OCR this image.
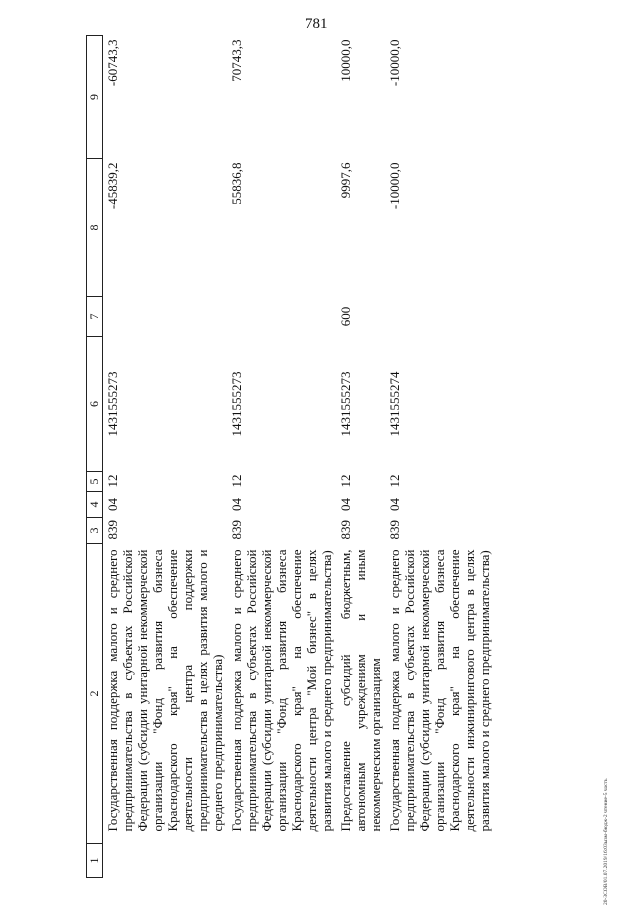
781
1	2	3	4	5	6	7	8	9
	Государственная поддержка малого и среднего предпринимательства в субъектах Российской Федерации (субсидии унитарной некоммерческой организации "Фонд развития бизнеса Краснодарского края" на обеспечение деятельности центра поддержки предпринимательства в целях развития малого и среднего предпринимательства)	839	04	12	1431555273		-45839,2	-60743,3
	Государственная поддержка малого и среднего предпринимательства в субъектах Российской Федерации (субсидии унитарной некоммерческой организации "Фонд развития бизнеса Краснодарского края" на обеспечение деятельности центра "Мой бизнес" в целях развития малого и среднего предпринимательства)	839	04	12	1431555273		55836,8	70743,3
	Предоставление субсидий бюджетным, автономным учреждениям и иным некоммерческим организациям	839	04	12	1431555273	600	9997,6	10000,0
	Государственная поддержка малого и среднего предпринимательства в субъектах Российской Федерации (субсидии унитарной некоммерческой организации "Фонд развития бизнеса Краснодарского края" на обеспечение деятельности инжинирингового центра в целях развития малого и среднего предпринимательства)	839	04	12	1431555274		-10000,0	-10000,0
20-3СОВ/01.07.2019/16:03ызм-бюдж-2 чтение-5 часть
